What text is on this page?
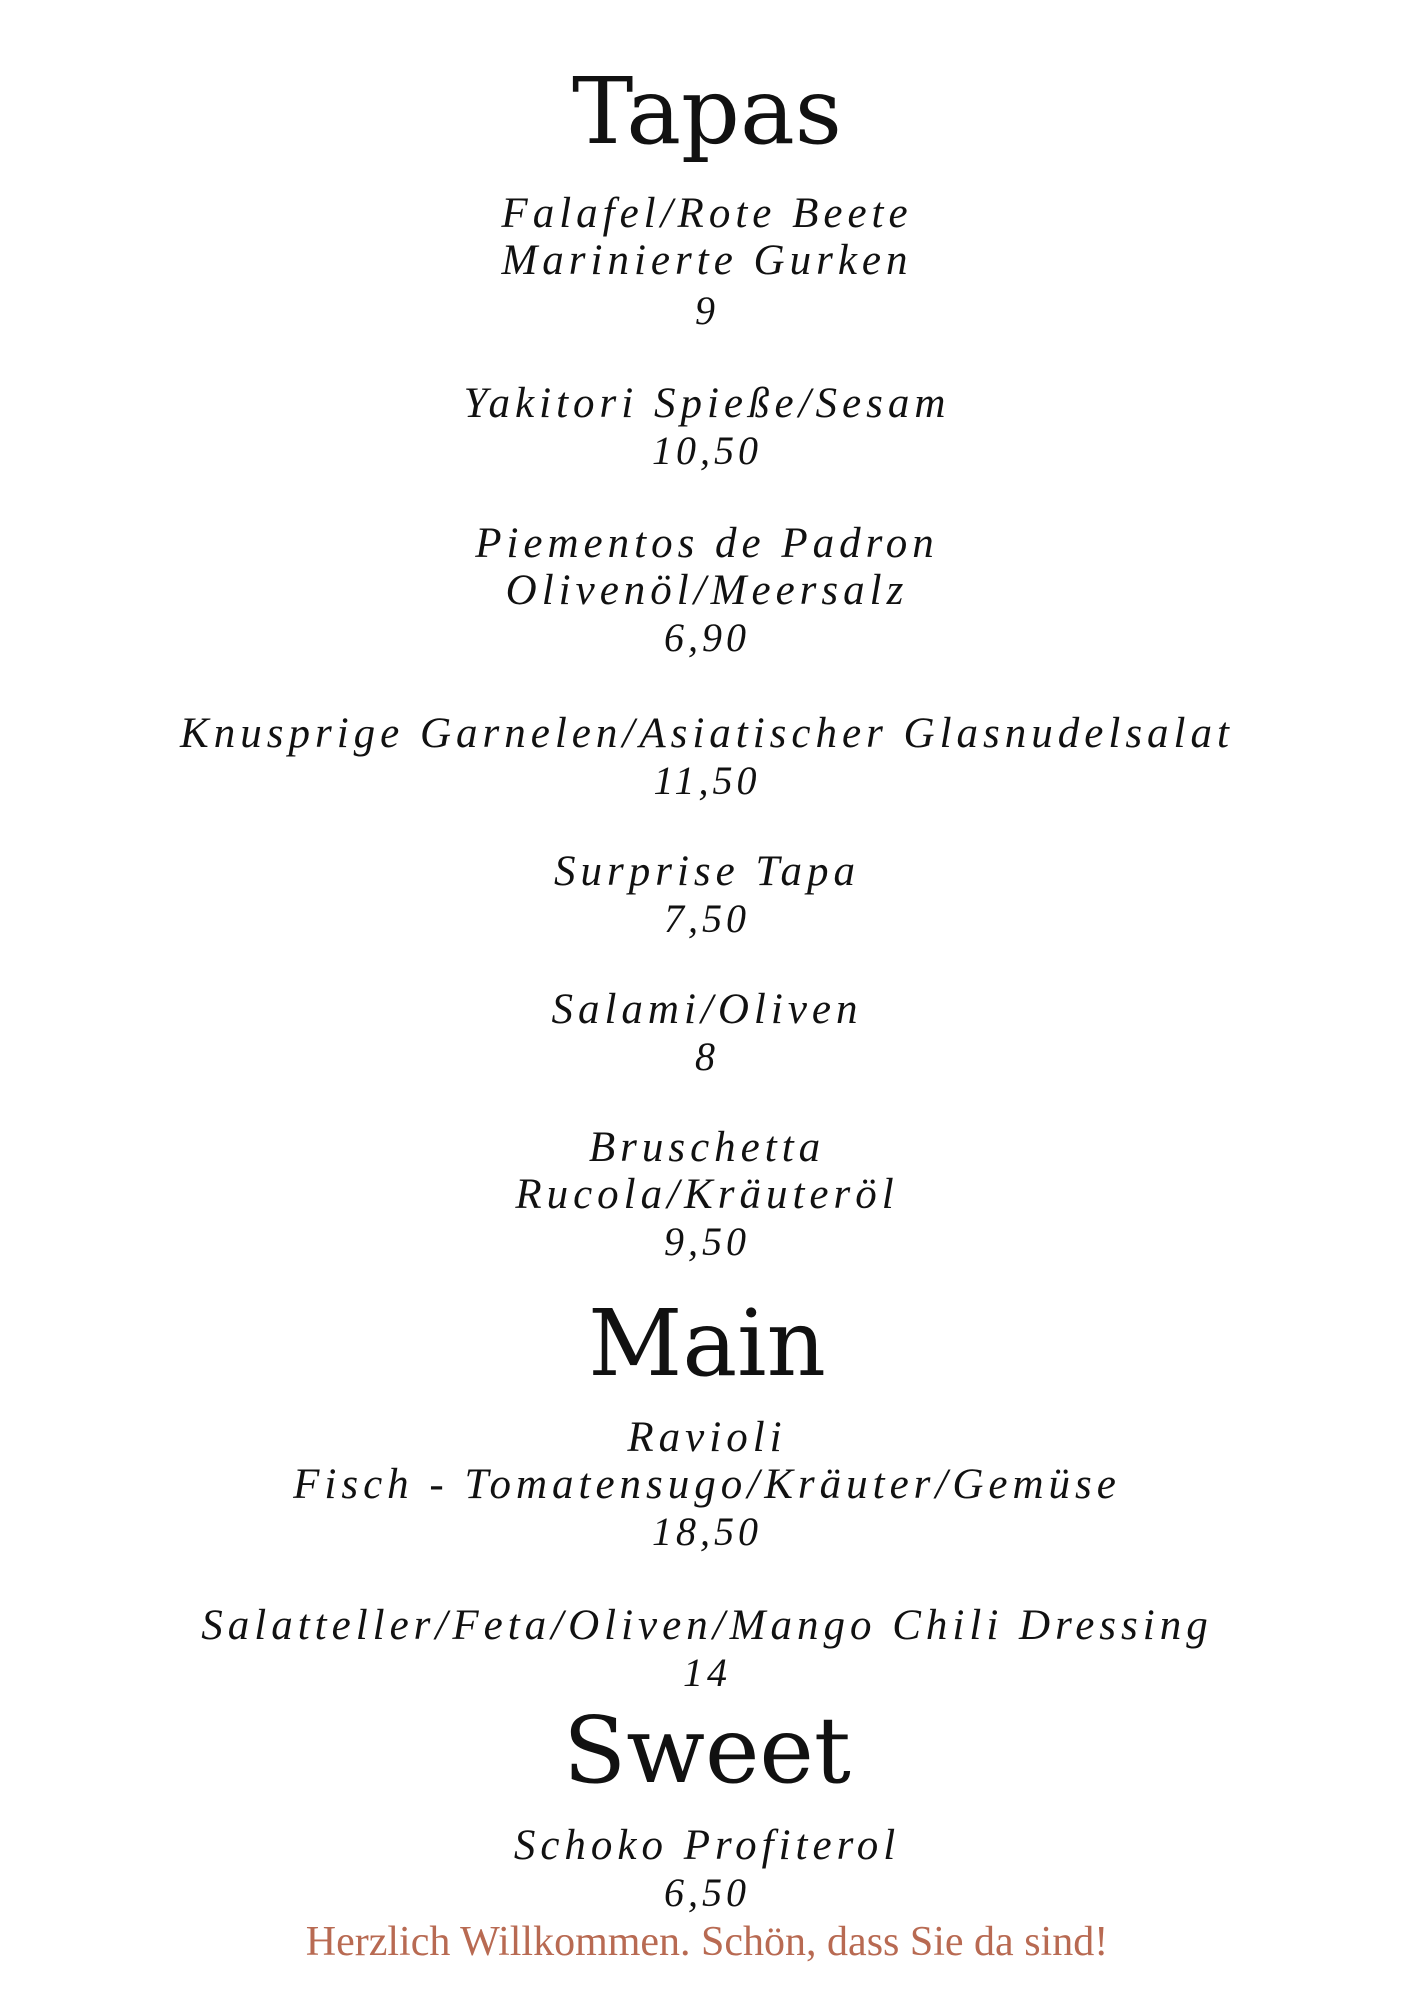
Tapas
Falafel/Rote Beete
Marinierte Gurken
9
Yakitori Spieße/Sesam
10,50
Piementos de Padron
Olivenöl/Meersalz
6,90
Knusprige Garnelen/Asiatischer Glasnudelsalat
11,50
Surprise Tapa
7,50
Salami/Oliven
8
Bruschetta
Rucola/Kräuteröl
9,50
Main
Ravioli
Fisch - Tomatensugo/Kräuter/Gemüse
18,50
Salatteller/Feta/Oliven/Mango Chili Dressing
14
Sweet
Schoko Profiterol
6,50
Herzlich Willkommen. Schön, dass Sie da sind!
